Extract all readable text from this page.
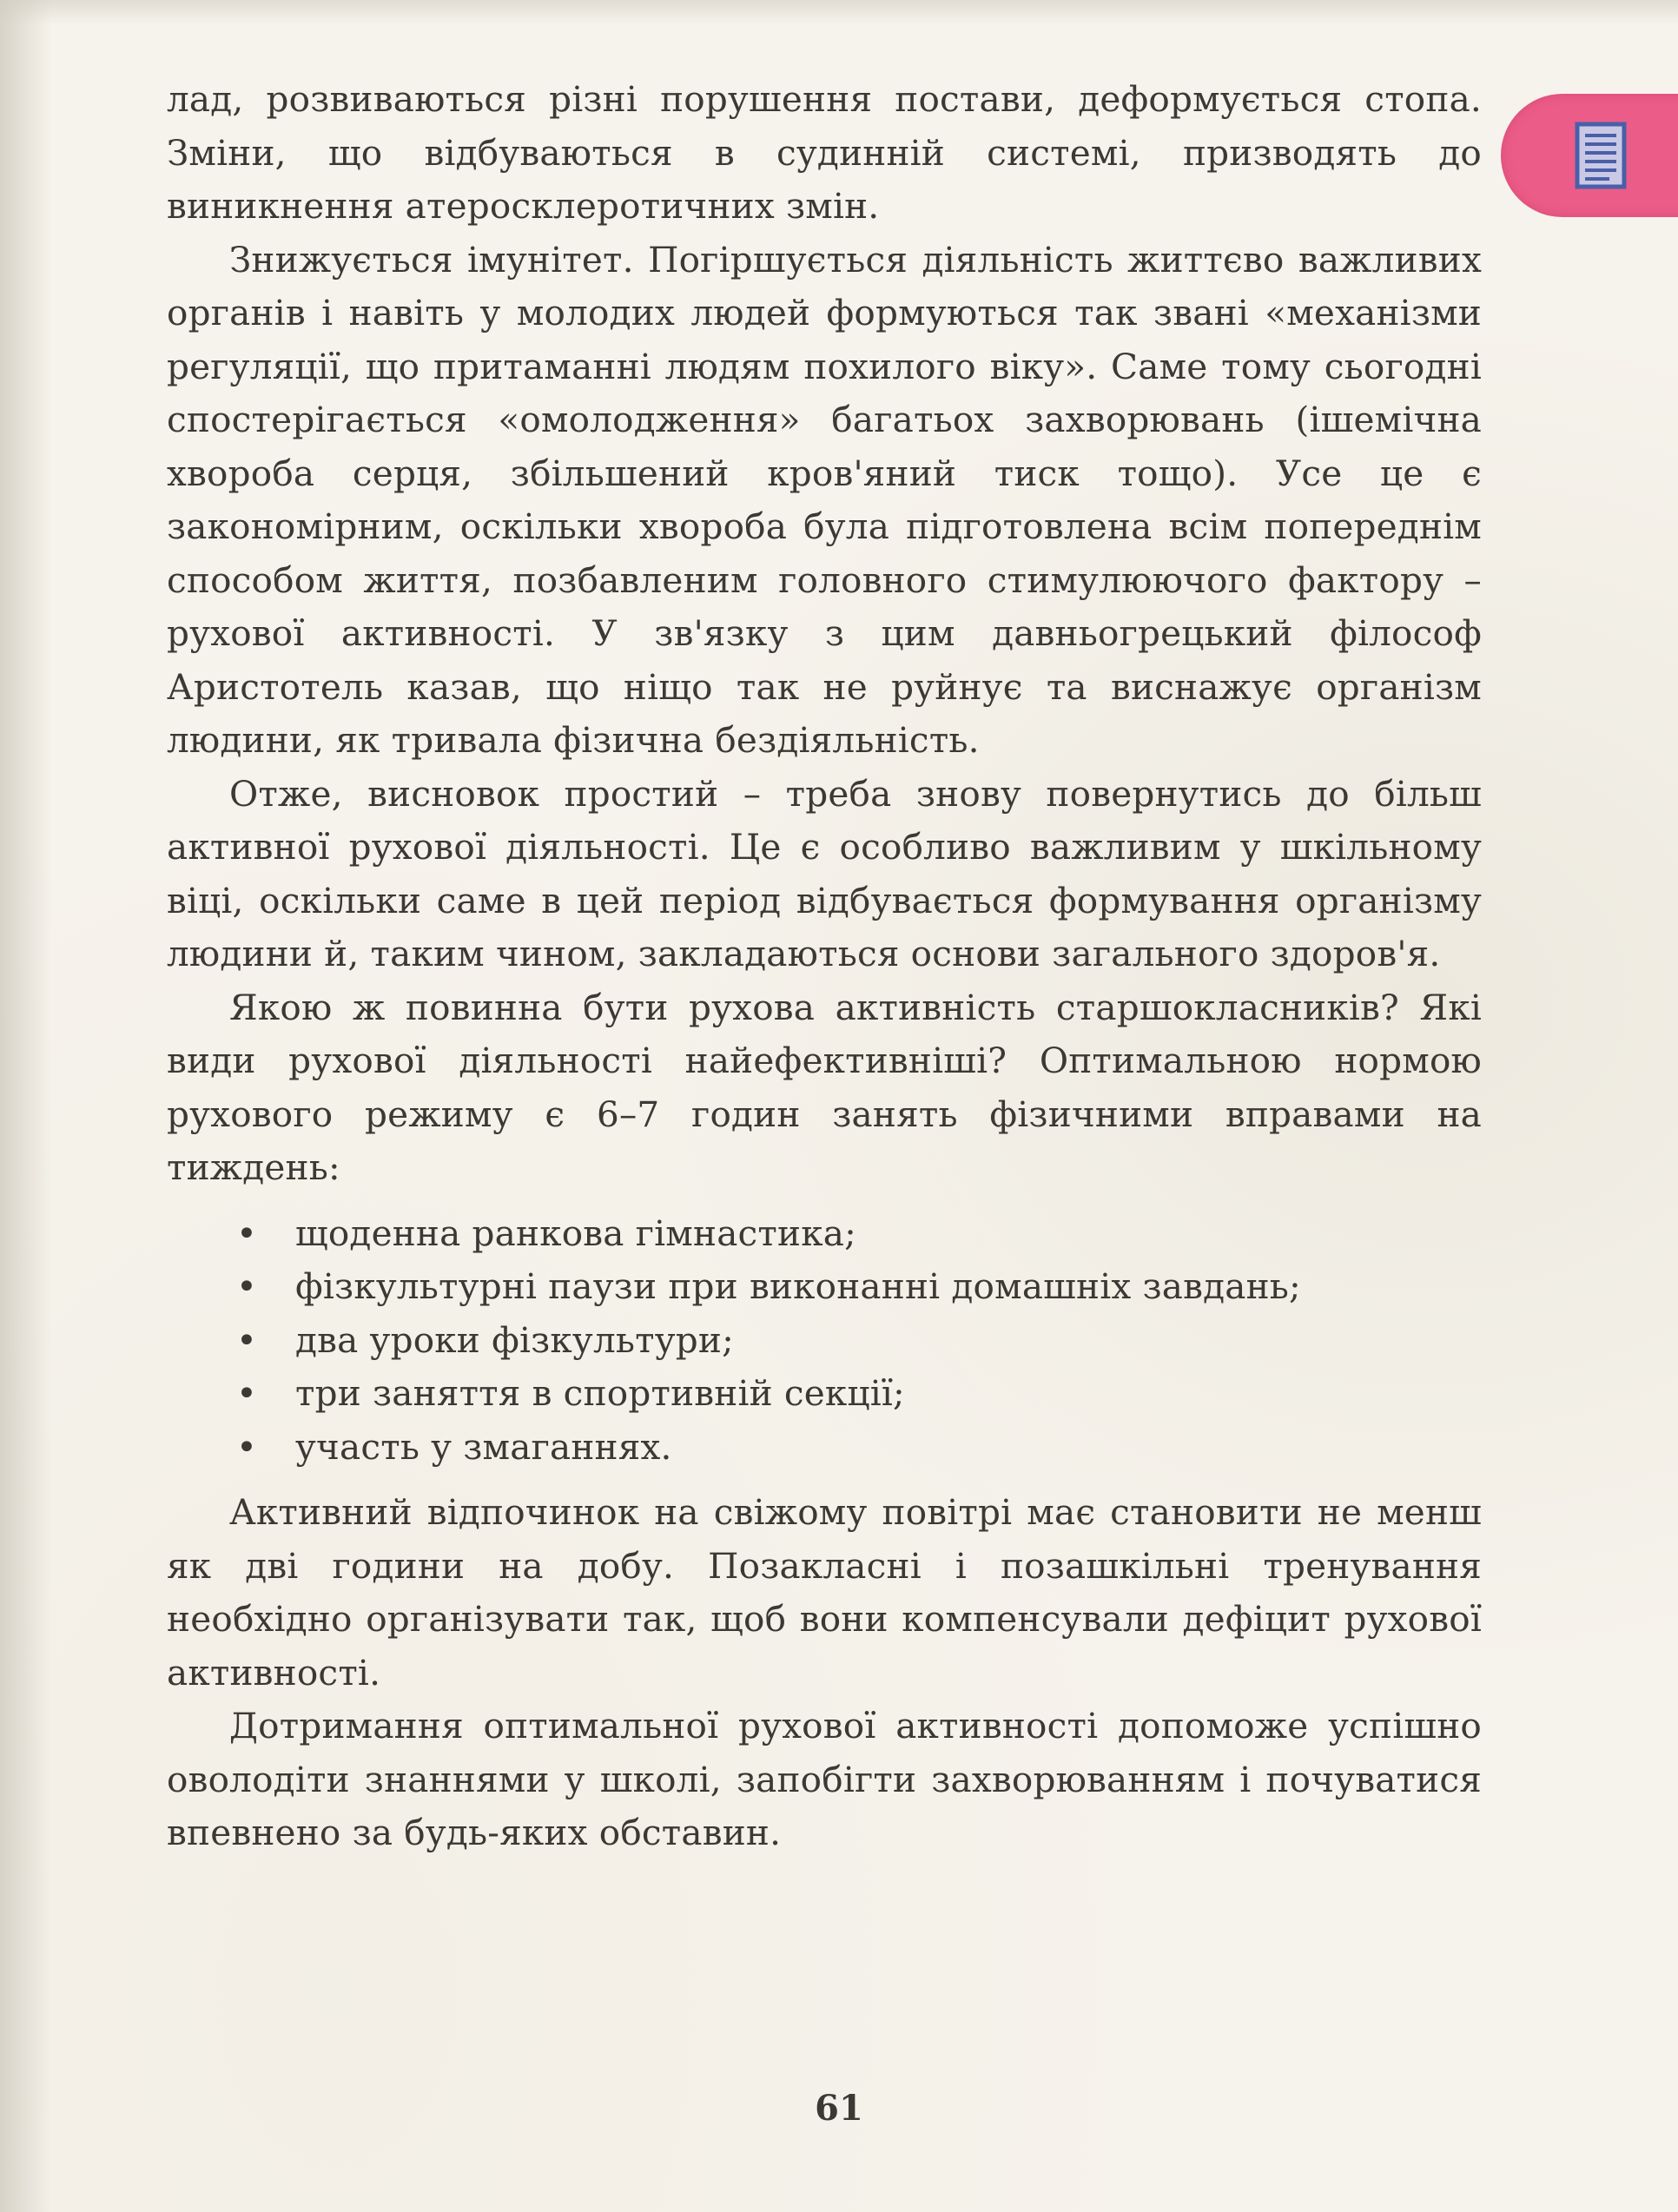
лад, розвиваються різні порушення постави, деформується стопа. Зміни, що відбуваються в судинній системі, призводять до виникнення атеросклеротичних змін.

Знижується імунітет. Погіршується діяльність життєво важливих органів і навіть у молодих людей формуються так звані «механізми регуляції, що притаманні людям похилого віку». Саме тому сьогодні спостерігається «омолодження» багатьох захворювань (ішемічна хвороба серця, збільшений кров'яний тиск тощо). Усе це є закономірним, оскільки хвороба була підготовлена всім попереднім способом життя, позбавленим головного стимулюючого фактору – рухової активності. У зв'язку з цим давньогрецький філософ Аристотель казав, що ніщо так не руйнує та виснажує організм людини, як тривала фізична бездіяльність.

Отже, висновок простий – треба знову повернутись до більш активної рухової діяльності. Це є особливо важливим у шкільному віці, оскільки саме в цей період відбувається формування організму людини й, таким чином, закладаються основи загального здоров'я.

Якою ж повинна бути рухова активність старшокласників? Які види рухової діяльності найефективніші? Оптимальною нормою рухового режиму є 6–7 годин занять фізичними вправами на тиждень:

• щоденна ранкова гімнастика;
• фізкультурні паузи при виконанні домашніх завдань;
• два уроки фізкультури;
• три заняття в спортивній секції;
• участь у змаганнях.

Активний відпочинок на свіжому повітрі має становити не менш як дві години на добу. Позакласні і позашкільні тренування необхідно організувати так, щоб вони компенсували дефіцит рухової активності.

Дотримання оптимальної рухової активності допоможе успішно оволодіти знаннями у школі, запобігти захворюванням і почуватися впевнено за будь-яких обставин.

61
